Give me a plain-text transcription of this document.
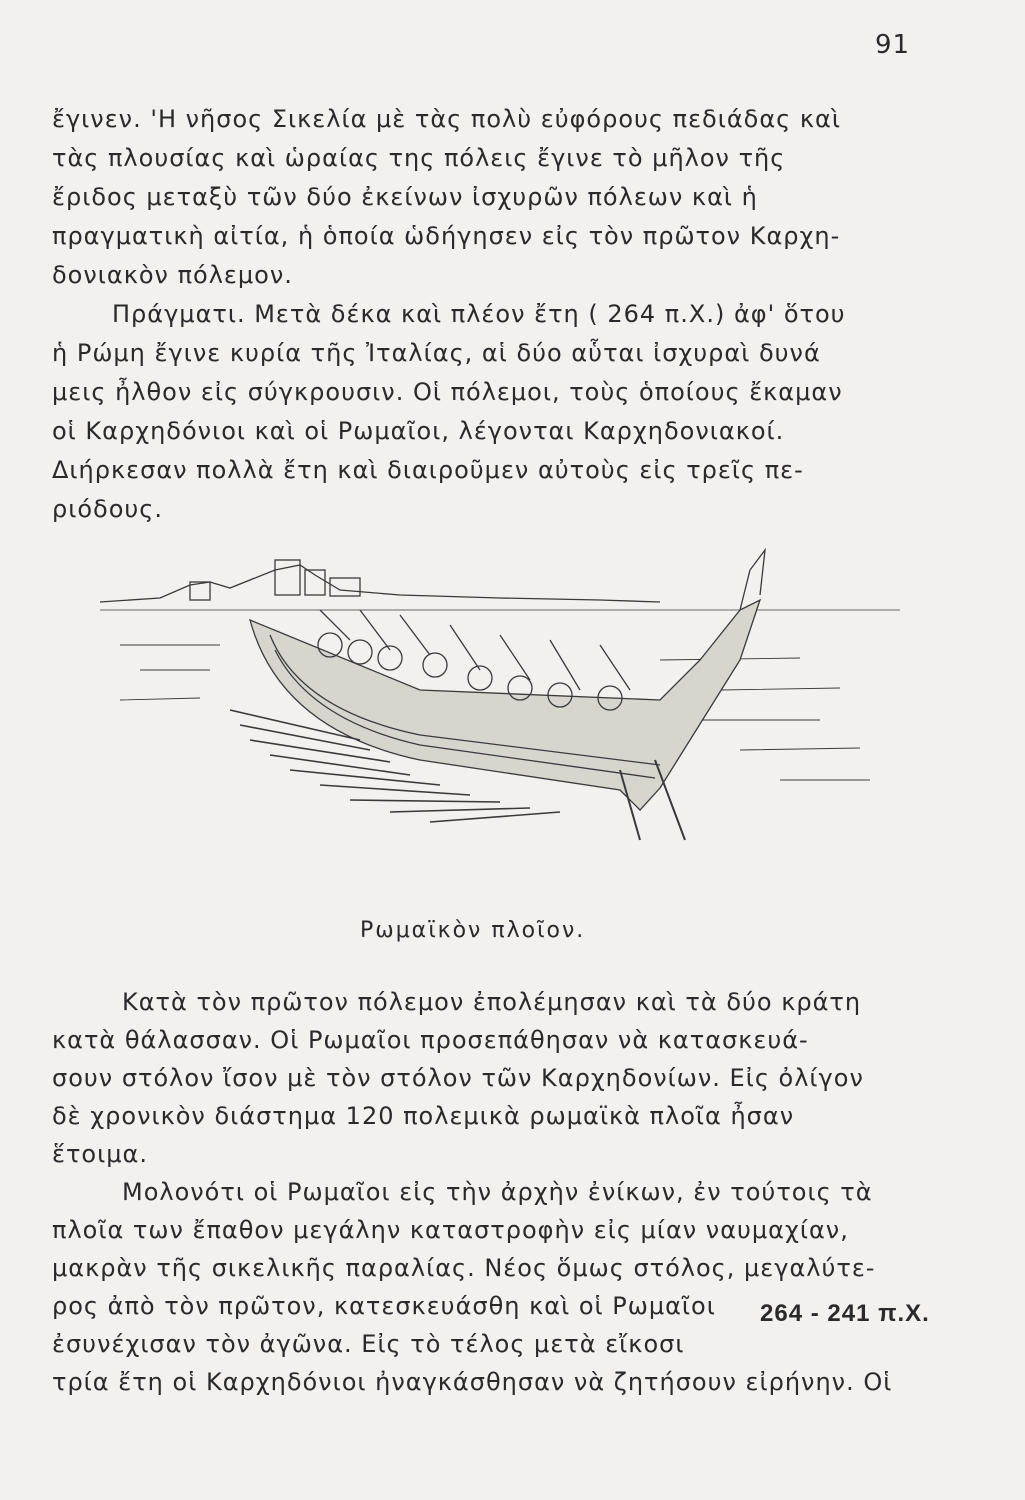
91
ἔγινεν. 'Η νῆσος Σικελία μὲ τὰς πολὺ εὐφόρους πεδιάδας καὶ
τὰς πλουσίας καὶ ὡραίας της πόλεις ἔγινε τὸ μῆλον τῆς
ἔριδος μεταξὺ τῶν δύο ἐκείνων ἰσχυρῶν πόλεων καὶ ἡ
πραγματικὴ αἰτία, ἡ ὁποία ὡδήγησεν εἰς τὸν πρῶτον Καρχη-
δονιακὸν πόλεμον.
Πράγματι. Μετὰ δέκα καὶ πλέον ἔτη ( 264 π.Χ.) ἀφ' ὅτου
ἡ Ρώμη ἔγινε κυρία τῆς Ἰταλίας, αἱ δύο αὗται ἰσχυραὶ δυνά
μεις ἦλθον εἰς σύγκρουσιν. Οἱ πόλεμοι, τοὺς ὁποίους ἔκαμαν
οἱ Καρχηδόνιοι καὶ οἱ Ρωμαῖοι, λέγονται Καρχηδονιακοί.
Διήρκεσαν πολλὰ ἔτη καὶ διαιροῦμεν αὐτοὺς εἰς τρεῖς πε-
ριόδους.
Ρωμαϊκὸν πλοῖον.
Κατὰ τὸν πρῶτον πόλεμον ἐπολέμησαν καὶ τὰ δύο κράτη
κατὰ θάλασσαν. Οἱ Ρωμαῖοι προσεπάθησαν νὰ κατασκευά-
σουν στόλον ἴσον μὲ τὸν στόλον τῶν Καρχηδονίων. Εἰς ὀλίγον
δὲ χρονικὸν διάστημα 120 πολεμικὰ ρωμαϊκὰ πλοῖα ἦσαν
ἕτοιμα.
Μολονότι οἱ Ρωμαῖοι εἰς τὴν ἀρχὴν ἐνίκων, ἐν τούτοις τὰ
πλοῖα των ἔπαθον μεγάλην καταστροφὴν εἰς μίαν ναυμαχίαν,
μακρὰν τῆς σικελικῆς παραλίας. Νέος ὅμως στόλος, μεγαλύτε-
ρος ἀπὸ τὸν πρῶτον, κατεσκευάσθη καὶ οἱ Ρωμαῖοι
ἐσυνέχισαν τὸν ἀγῶνα. Εἰς τὸ τέλος μετὰ εἴκοσι
τρία ἔτη οἱ Καρχηδόνιοι ἠναγκάσθησαν νὰ ζητήσουν εἰρήνην. Οἱ
264 - 241 π.Χ.
